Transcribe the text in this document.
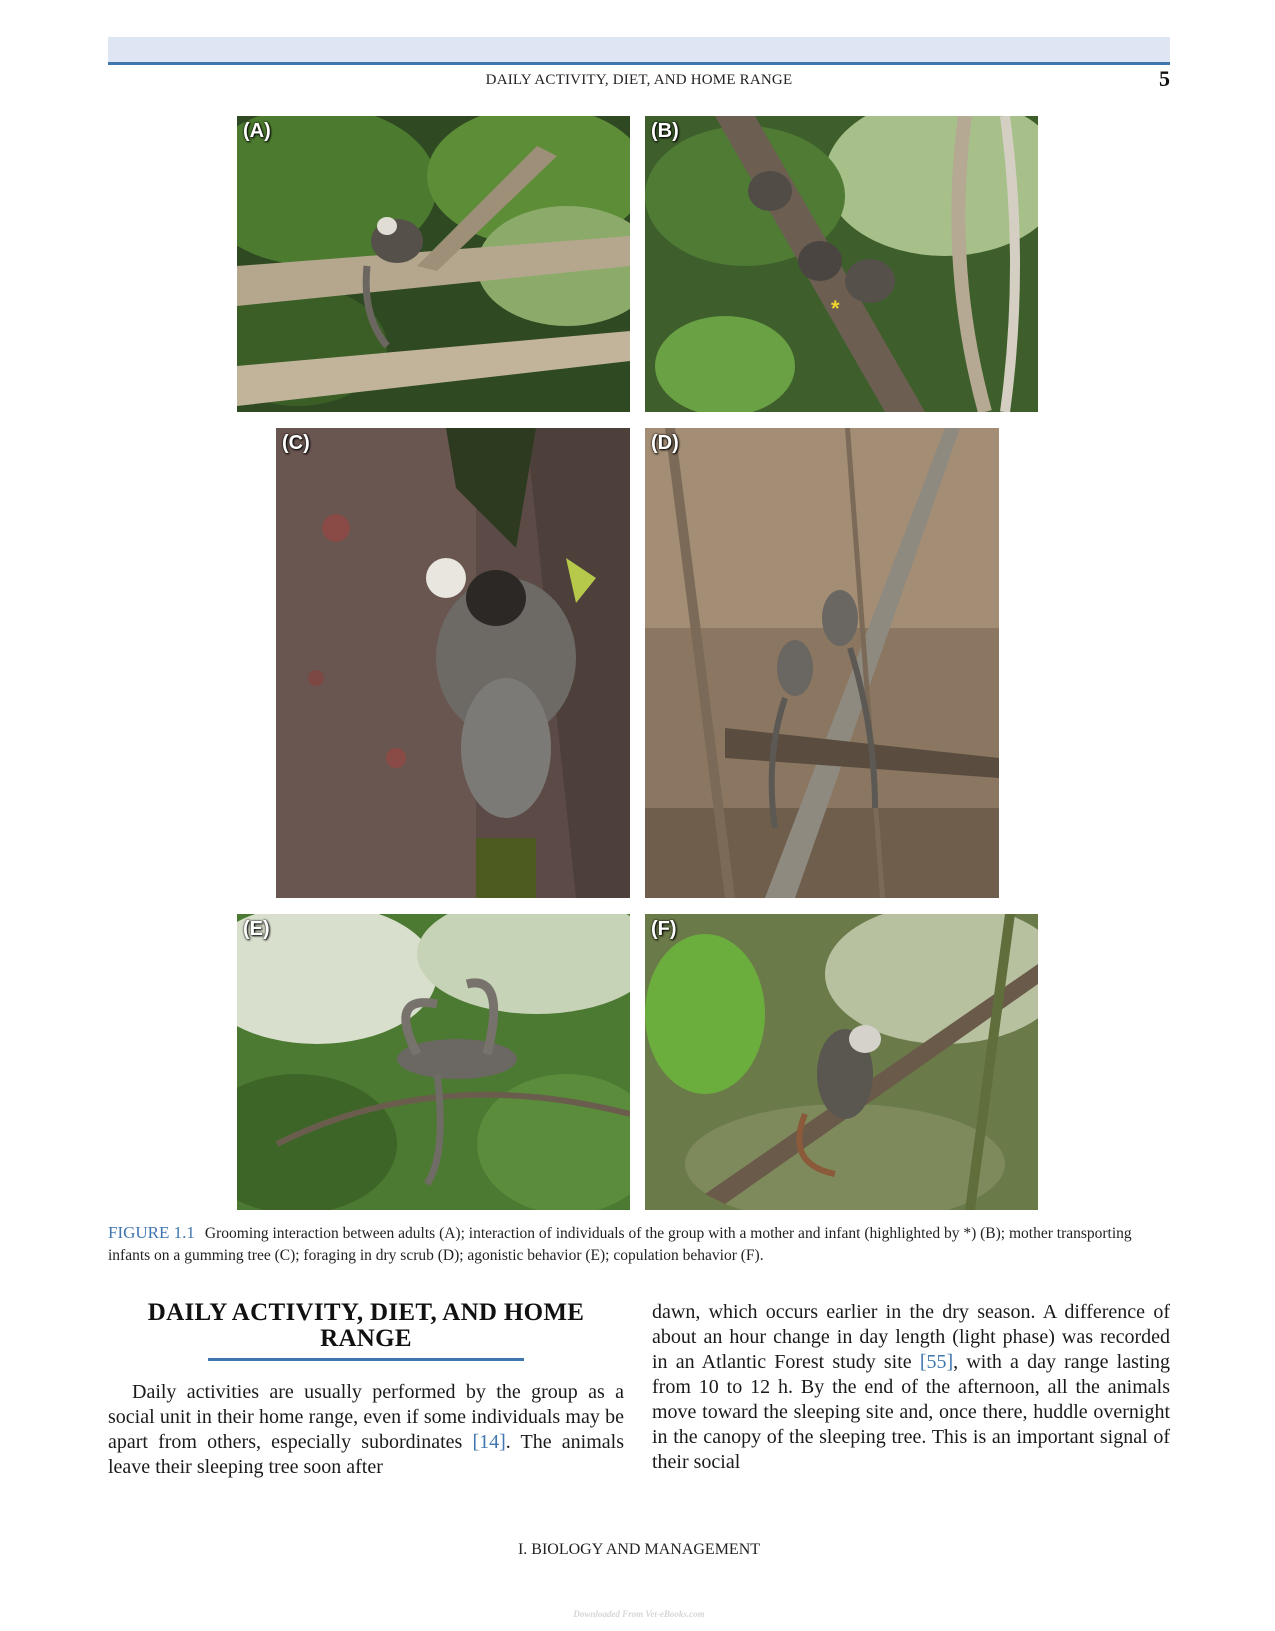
DAILY ACTIVITY, DIET, AND HOME RANGE	5
(A)	(B)
*
(C)	(D)
(E)	(F)
FIGURE 1.1 Grooming interaction between adults (A); interaction of individuals of the group with a mother and infant (highlighted by *) (B); mother transporting infants on a gumming tree (C); foraging in dry scrub (D); agonistic behavior (E); copulation behavior (F).
DAILY ACTIVITY, DIET, AND HOME RANGE
Daily activities are usually performed by the group as a social unit in their home range, even if some individuals may be apart from others, especially subordinates [14]. The animals leave their sleeping tree soon after
dawn, which occurs earlier in the dry season. A difference of about an hour change in day length (light phase) was recorded in an Atlantic Forest study site [55], with a day range lasting from 10 to 12 h. By the end of the afternoon, all the animals move toward the sleeping site and, once there, huddle overnight in the canopy of the sleeping tree. This is an important signal of their social
I. BIOLOGY AND MANAGEMENT
Downloaded From Vet-eBooks.com
